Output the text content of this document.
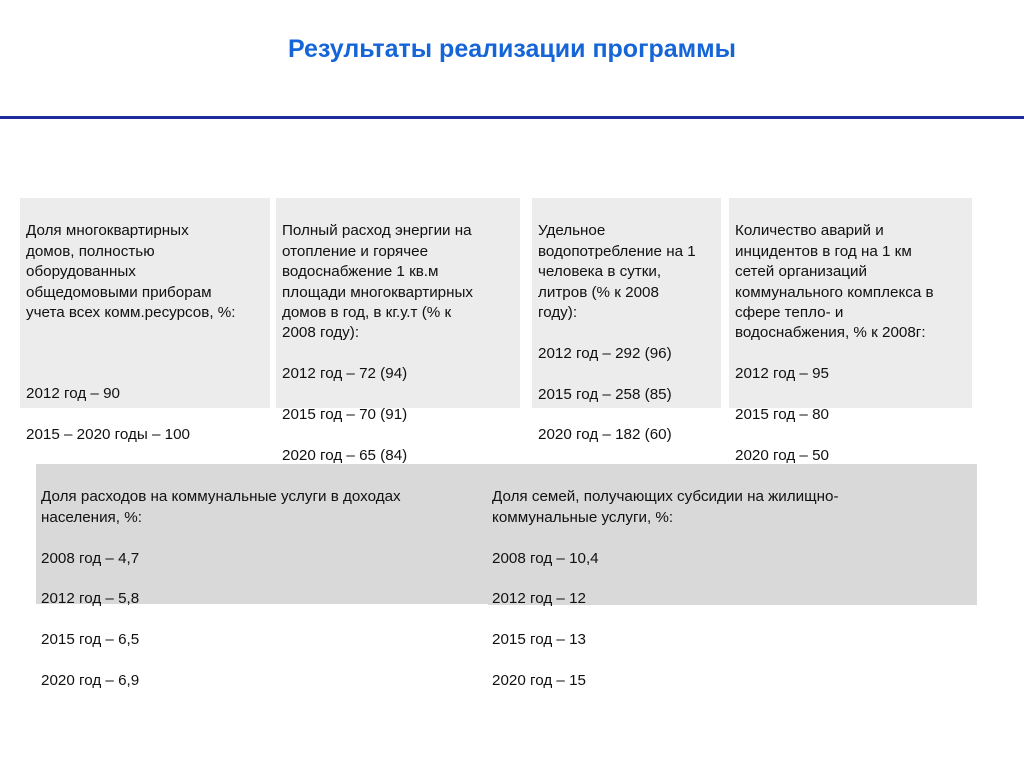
Результаты реализации программы

Доля многоквартирных
домов, полностью
оборудованных
общедомовыми приборам
учета всех комм.ресурсов, %:

2012 год – 90

2015 – 2020 годы – 100

Полный расход энергии на
отопление и горячее
водоснабжение 1 кв.м
площади многоквартирных
домов в год, в кг.у.т (% к
2008 году):

2012 год – 72 (94)

2015 год – 70 (91)

2020 год – 65 (84)

Удельное
водопотребление на 1
человека в сутки,
литров (% к 2008
году):

2012 год – 292 (96)

2015 год – 258 (85)

2020 год – 182 (60)

Количество аварий и
инцидентов в год на 1 км
сетей организаций
коммунального комплекса в
сфере тепло- и
водоснабжения, % к 2008г:

2012 год – 95

2015 год – 80

2020 год – 50

Доля расходов на коммунальные услуги в доходах
населения, %:

2008 год – 4,7

2012 год – 5,8

2015 год – 6,5

2020 год – 6,9

Доля семей, получающих субсидии на жилищно-
коммунальные услуги, %:

2008 год – 10,4

2012 год – 12

2015 год – 13

2020 год – 15
